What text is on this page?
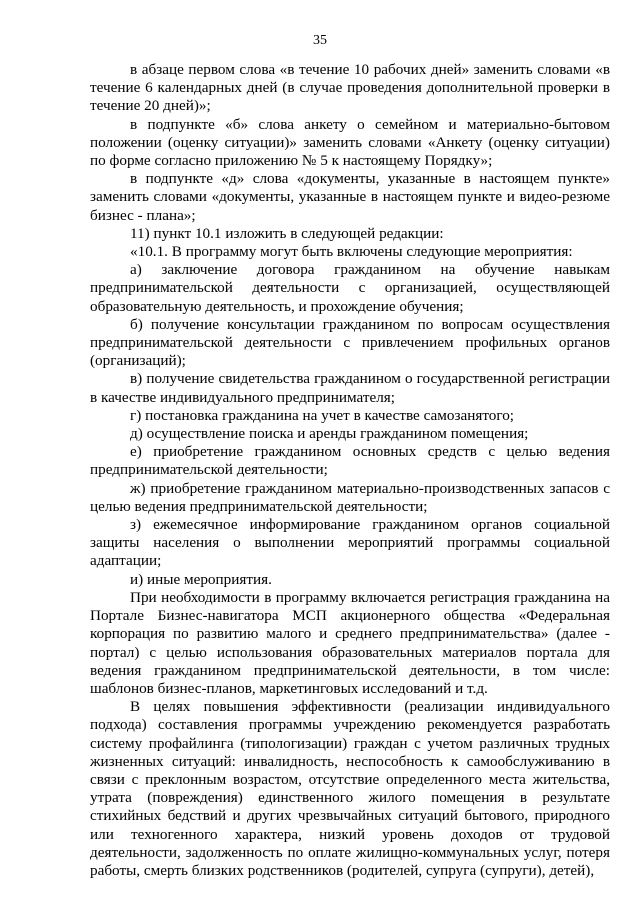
35

в абзаце первом слова «в течение 10 рабочих дней» заменить словами «в течение 6 календарных дней (в случае проведения дополнительной проверки в течение 20 дней)»;

в подпункте «б» слова анкету о семейном и материально-бытовом положении (оценку ситуации)» заменить словами «Анкету (оценку ситуации) по форме согласно приложению № 5 к настоящему Порядку»;

в подпункте «д» слова «документы, указанные в настоящем пункте» заменить словами «документы, указанные в настоящем пункте и видео-резюме бизнес - плана»;

11) пункт 10.1 изложить в следующей редакции:

«10.1. В программу могут быть включены следующие мероприятия:

а) заключение договора гражданином на обучение навыкам предпринимательской деятельности с организацией, осуществляющей образовательную деятельность, и прохождение обучения;

б) получение консультации гражданином по вопросам осуществления предпринимательской деятельности с привлечением профильных органов (организаций);

в) получение свидетельства гражданином о государственной регистрации в качестве индивидуального предпринимателя;

г) постановка гражданина на учет в качестве самозанятого;

д) осуществление поиска и аренды гражданином помещения;

е) приобретение гражданином основных средств с целью ведения предпринимательской деятельности;

ж) приобретение гражданином материально-производственных запасов с целью ведения предпринимательской деятельности;

з) ежемесячное информирование гражданином органов социальной защиты населения о выполнении мероприятий программы социальной адаптации;

и) иные мероприятия.

При необходимости в программу включается регистрация гражданина на Портале Бизнес-навигатора МСП акционерного общества «Федеральная корпорация по развитию малого и среднего предпринимательства» (далее - портал) с целью использования образовательных материалов портала для ведения гражданином предпринимательской деятельности, в том числе: шаблонов бизнес-планов, маркетинговых исследований и т.д.

В целях повышения эффективности (реализации индивидуального подхода) составления программы учреждению рекомендуется разработать систему профайлинга (типологизации) граждан с учетом различных трудных жизненных ситуаций: инвалидность, неспособность к самообслуживанию в связи с преклонным возрастом, отсутствие определенного места жительства, утрата (повреждения) единственного жилого помещения в результате стихийных бедствий и других чрезвычайных ситуаций бытового, природного или техногенного характера, низкий уровень доходов от трудовой деятельности, задолженность по оплате жилищно-коммунальных услуг, потеря работы, смерть близких родственников (родителей, супруга (супруги), детей),
